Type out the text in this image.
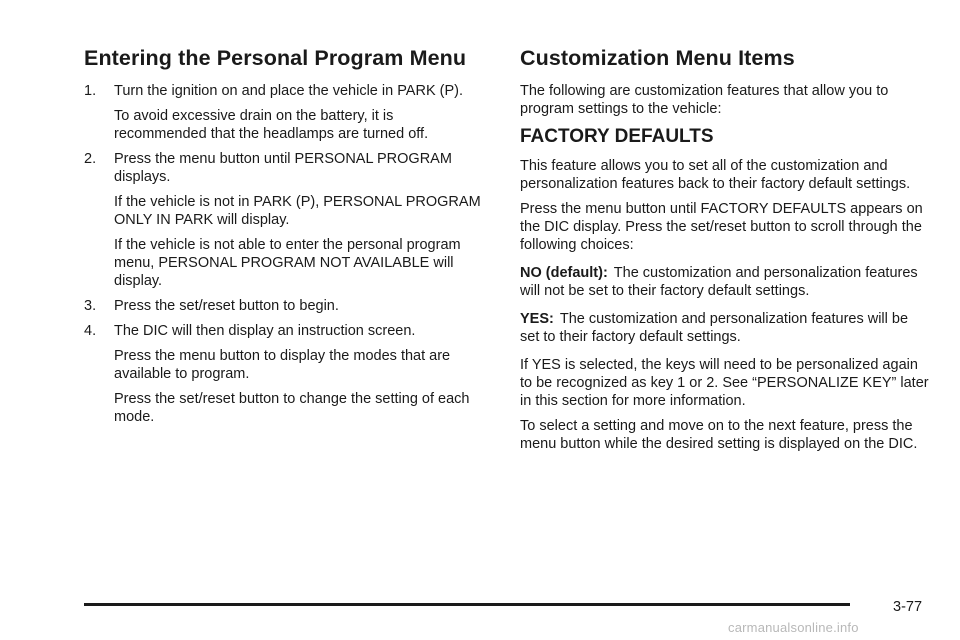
Entering the Personal Program Menu
1.	Turn the ignition on and place the vehicle in PARK (P).

To avoid excessive drain on the battery, it is recommended that the headlamps are turned off.

2.	Press the menu button until PERSONAL PROGRAM displays.

If the vehicle is not in PARK (P), PERSONAL PROGRAM ONLY IN PARK will display.

If the vehicle is not able to enter the personal program menu, PERSONAL PROGRAM NOT AVAILABLE will display.

3.	Press the set/reset button to begin.
4.	The DIC will then display an instruction screen.

Press the menu button to display the modes that are available to program.

Press the set/reset button to change the setting of each mode.

Customization Menu Items

The following are customization features that allow you to program settings to the vehicle:

FACTORY DEFAULTS

This feature allows you to set all of the customization and personalization features back to their factory default settings.

Press the menu button until FACTORY DEFAULTS appears on the DIC display. Press the set/reset button to scroll through the following choices:

NO (default): The customization and personalization features will not be set to their factory default settings.

YES: The customization and personalization features will be set to their factory default settings.

If YES is selected, the keys will need to be personalized again to be recognized as key 1 or 2. See “PERSONALIZE KEY” later in this section for more information.

To select a setting and move on to the next feature, press the menu button while the desired setting is displayed on the DIC.

3-77
carmanualsonline.info
